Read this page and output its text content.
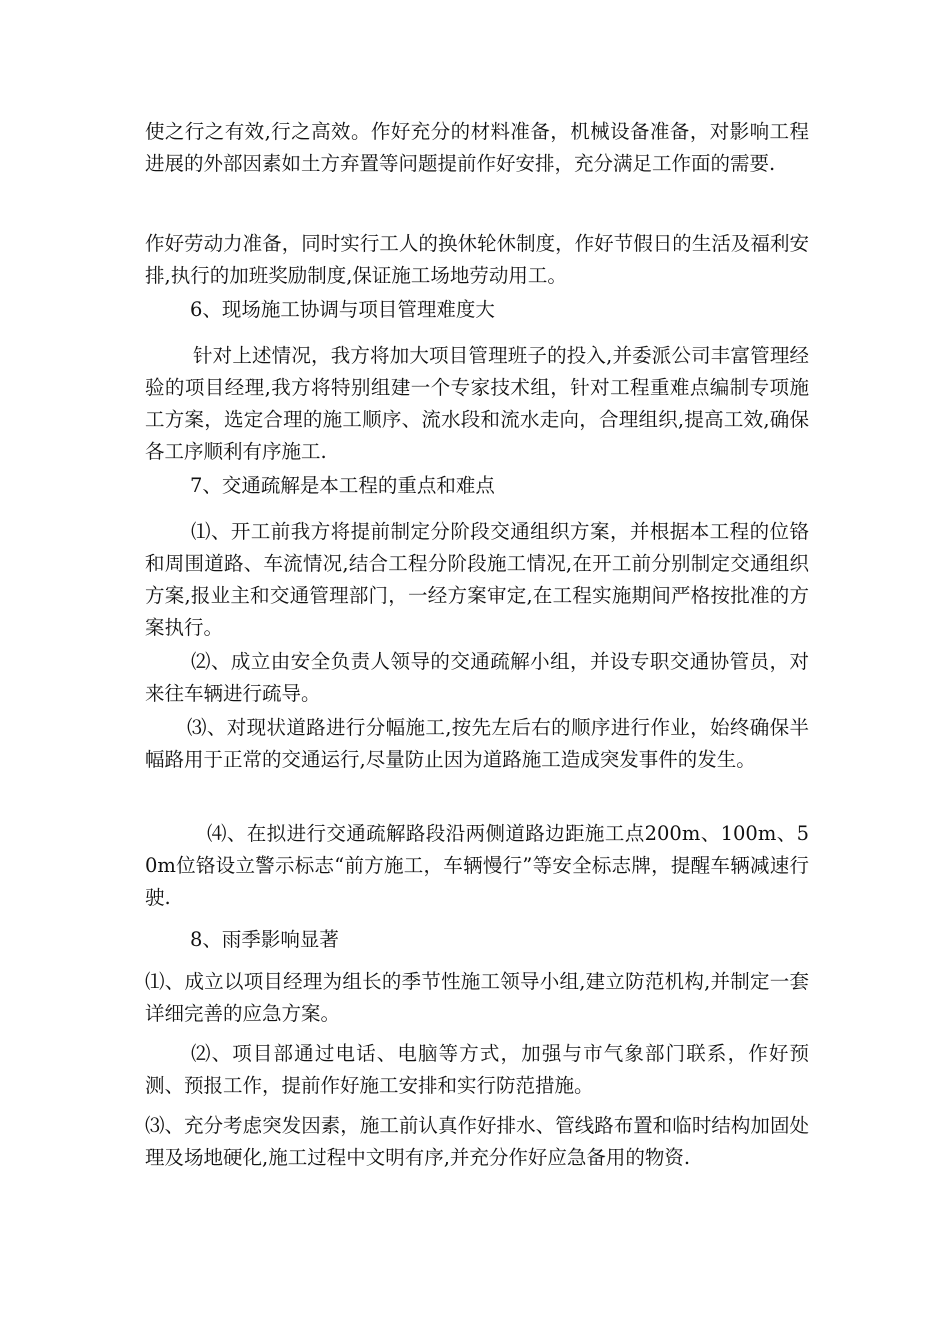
使之行之有效,行之高效。作好充分的材料准备，机械设备准备，对影响工程进展的外部因素如土方弃置等问题提前作好安排，充分满足工作面的需要.

作好劳动力准备，同时实行工人的换休轮休制度，作好节假日的生活及福利安排,执行的加班奖励制度,保证施工场地劳动用工。

6、现场施工协调与项目管理难度大

针对上述情况，我方将加大项目管理班子的投入,并委派公司丰富管理经验的项目经理,我方将特别组建一个专家技术组，针对工程重难点编制专项施工方案，选定合理的施工顺序、流水段和流水走向，合理组织,提高工效,确保各工序顺利有序施工.

7、交通疏解是本工程的重点和难点

⑴、开工前我方将提前制定分阶段交通组织方案，并根据本工程的位铬和周围道路、车流情况,结合工程分阶段施工情况,在开工前分别制定交通组织方案,报业主和交通管理部门，一经方案审定,在工程实施期间严格按批准的方案执行。

⑵、成立由安全负责人领导的交通疏解小组，并设专职交通协管员，对来往车辆进行疏导。

⑶、对现状道路进行分幅施工,按先左后右的顺序进行作业，始终确保半幅路用于正常的交通运行,尽量防止因为道路施工造成突发事件的发生。

⑷、在拟进行交通疏解路段沿两侧道路边距施工点200m、100m、50m位铬设立警示标志“前方施工，车辆慢行”等安全标志牌，提醒车辆减速行驶.

8、雨季影响显著

⑴、成立以项目经理为组长的季节性施工领导小组,建立防范机构,并制定一套详细完善的应急方案。

⑵、项目部通过电话、电脑等方式，加强与市气象部门联系，作好预测、预报工作，提前作好施工安排和实行防范措施。

⑶、充分考虑突发因素，施工前认真作好排水、管线路布置和临时结构加固处理及场地硬化,施工过程中文明有序,并充分作好应急备用的物资.
